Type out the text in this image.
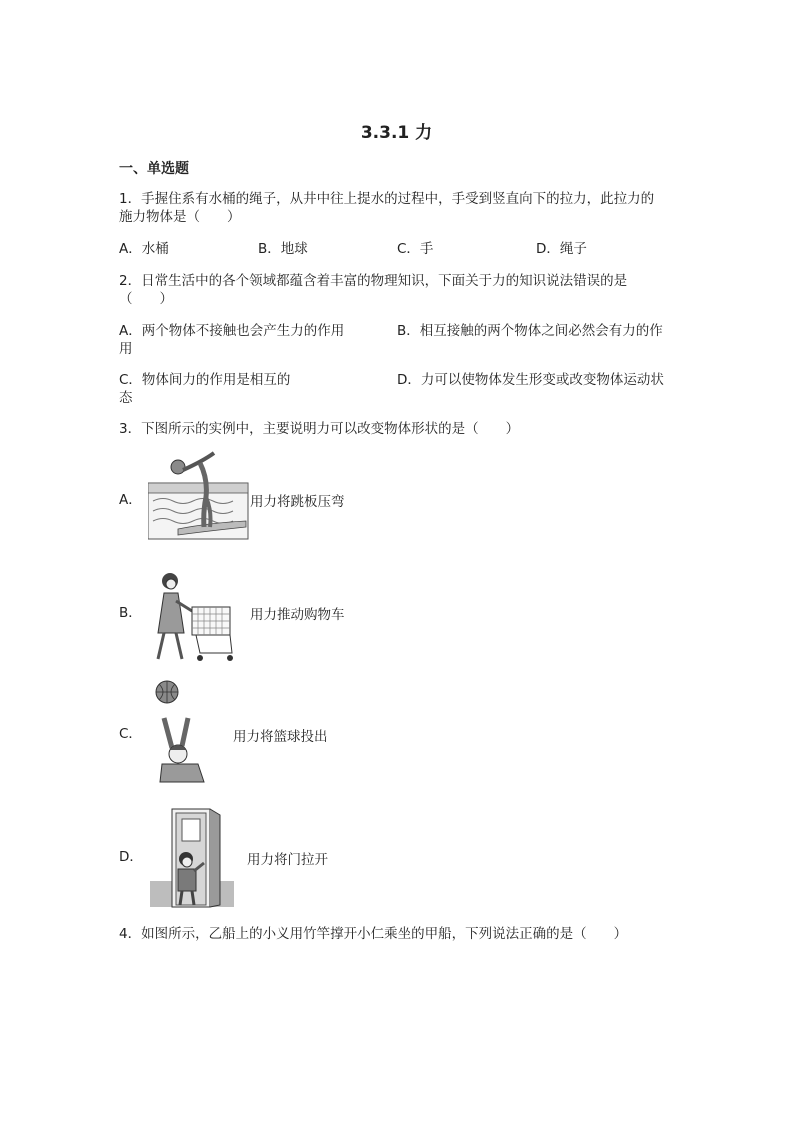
3.3.1 力
一、单选题
1．手握住系有水桶的绳子，从井中往上提水的过程中，手受到竖直向下的拉力，此拉力的
施力物体是（　　）
A．水桶	B．地球	C．手	D．绳子
2．日常生活中的各个领域都蕴含着丰富的物理知识，下面关于力的知识说法错误的是
（　　）
A．两个物体不接触也会产生力的作用	B．相互接触的两个物体之间必然会有力的作
用
C．物体间力的作用是相互的	D．力可以使物体发生形变或改变物体运动状
态
3．下图所示的实例中，主要说明力可以改变物体形状的是（　　）
A．	用力将跳板压弯
B．	用力推动购物车
C．	用力将篮球投出
D．	用力将门拉开
4．如图所示，乙船上的小义用竹竿撑开小仁乘坐的甲船，下列说法正确的是（　　）
